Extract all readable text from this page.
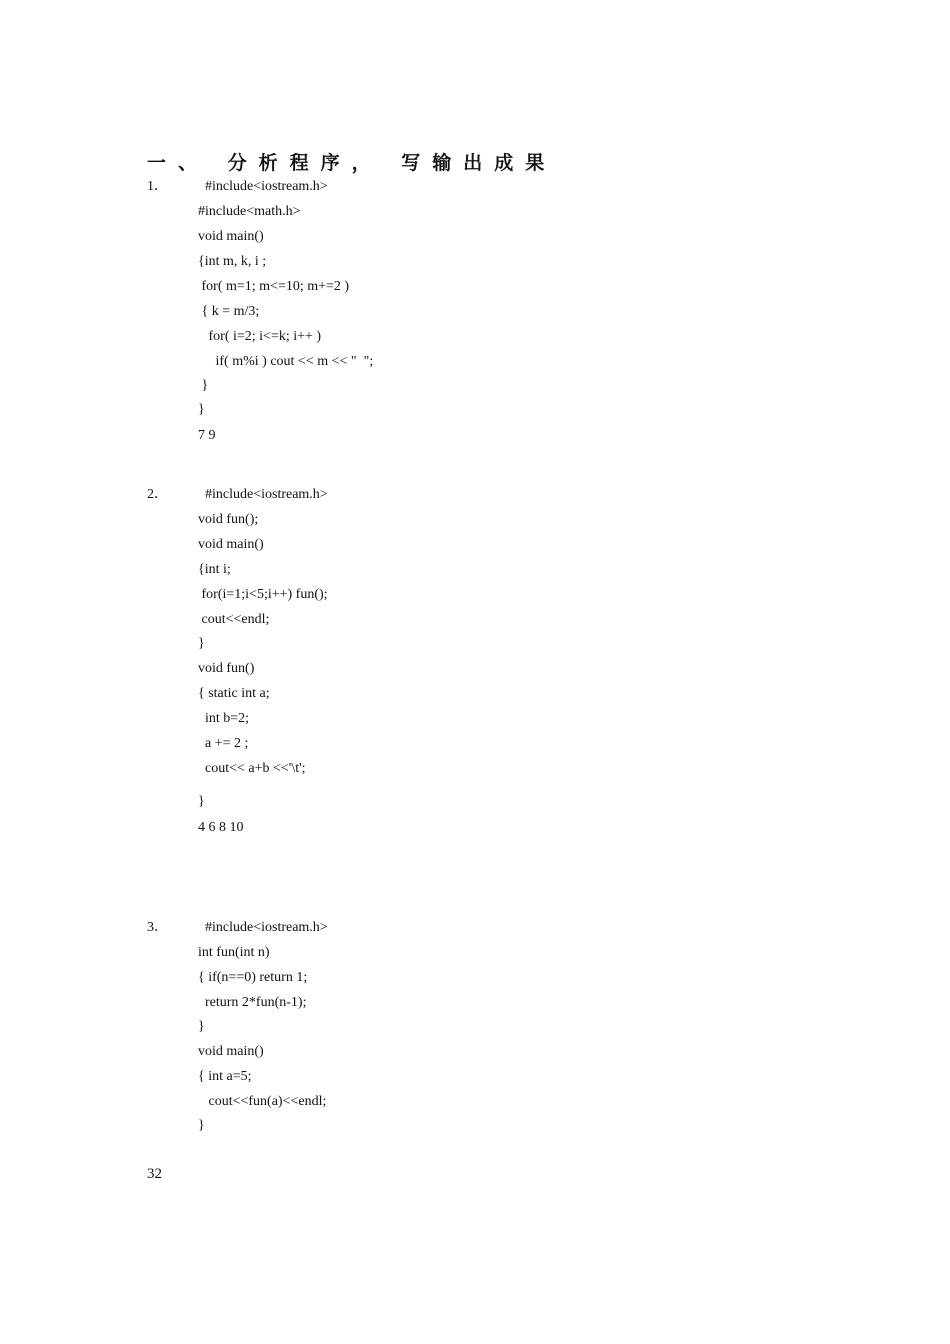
一、 分析程序， 写输出成果
1． #include<iostream.h>
#include<math.h>
void main()
{int m, k, i ;
for( m=1; m<=10; m+=2 )
{ k = m/3;
for( i=2; i<=k; i++ )
if( m%i ) cout << m << "  ";
}
}
7 9
2． #include<iostream.h>
void fun();
void main()
{int i;
for(i=1;i<5;i++) fun();
cout<<endl;
}
void fun()
{ static int a;
int b=2;
a += 2 ;
cout<< a+b <<'\t';
}
4 6 8 10
3． #include<iostream.h>
int fun(int n)
{ if(n==0) return 1;
return 2*fun(n-1);
}
void main()
{ int a=5;
cout<<fun(a)<<endl;
}
32
